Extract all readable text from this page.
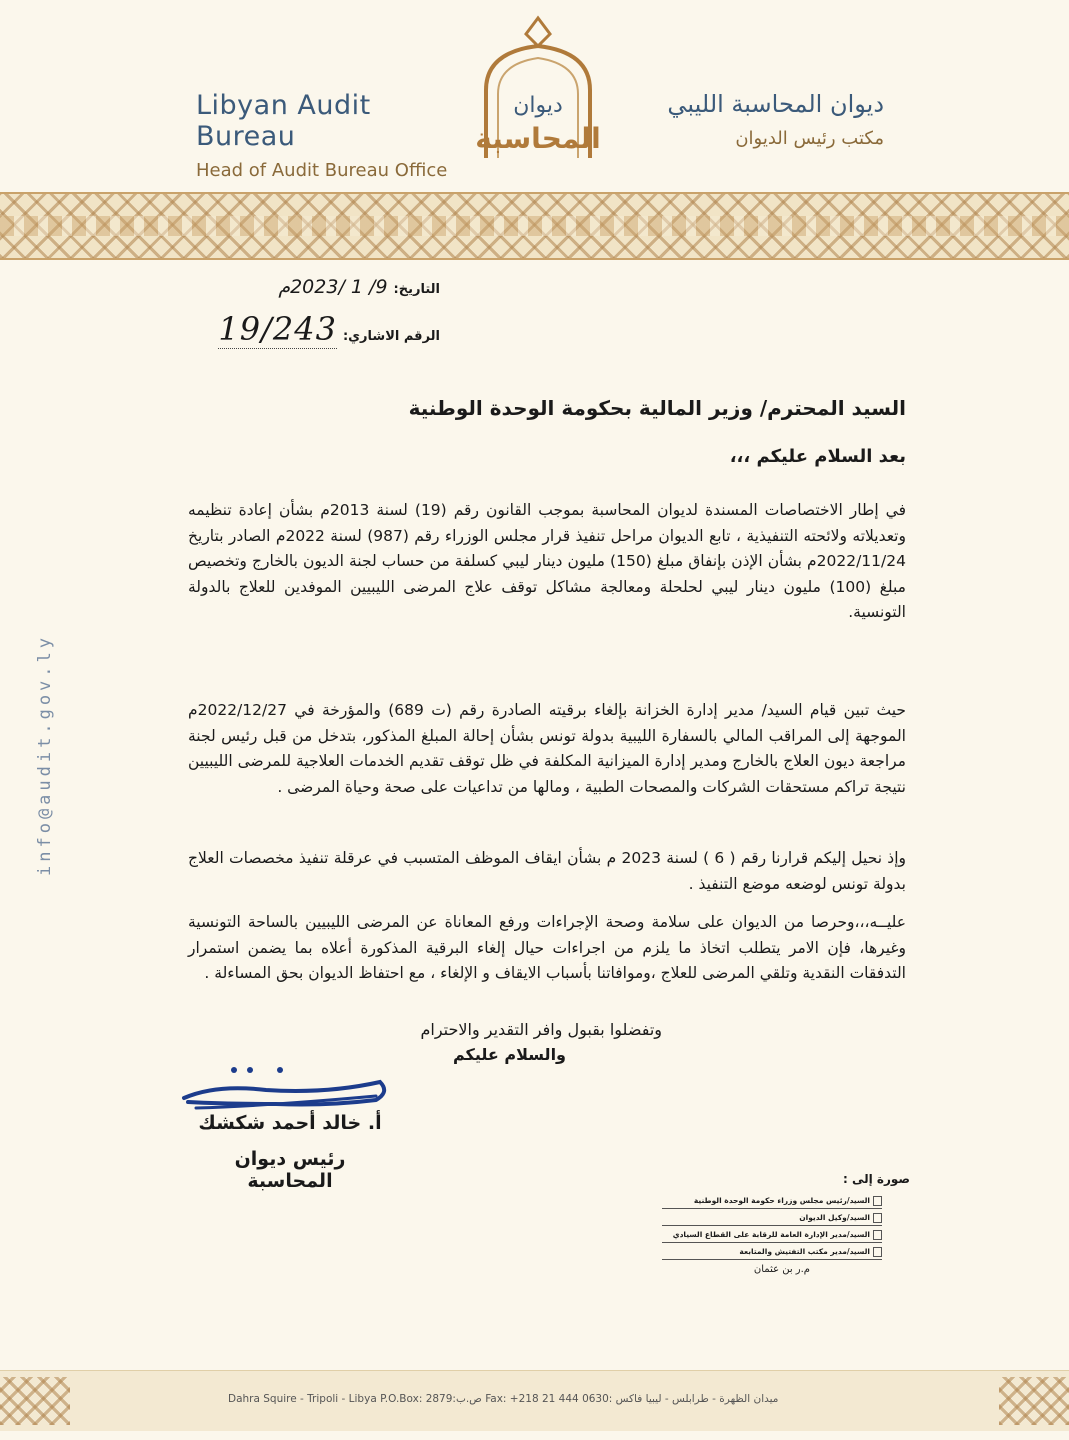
Libyan Audit Bureau
Head of Audit Bureau Office
ديوان
المحاسبة
ديوان المحاسبة الليبي
مكتب رئيس الديوان
info@audit.gov.ly
التاريخ:
9/ 1 /2023م
الرقم الاشاري:
19/243
السيد المحترم/ وزير المالية بحكومة الوحدة الوطنية
بعد السلام عليكم ،،،
في إطار الاختصاصات المسندة لديوان المحاسبة بموجب القانون رقم (19) لسنة 2013م بشأن إعادة تنظيمه وتعديلاته ولائحته التنفيذية ، تابع الديوان مراحل تنفيذ قرار مجلس الوزراء رقم (987) لسنة 2022م الصادر بتاريخ 2022/11/24م بشأن الإذن بإنفاق مبلغ (150) مليون دينار ليبي كسلفة من حساب لجنة الديون بالخارج وتخصيص مبلغ (100) مليون دينار ليبي لحلحلة ومعالجة مشاكل توقف علاج المرضى الليبيين الموفدين للعلاج بالدولة التونسية.
حيث تبين قيام السيد/ مدير إدارة الخزانة بإلغاء برقيته الصادرة رقم (ت 689) والمؤرخة في 2022/12/27م الموجهة إلى المراقب المالي بالسفارة الليبية بدولة تونس بشأن إحالة المبلغ المذكور، بتدخل من قبل رئيس لجنة مراجعة ديون العلاج بالخارج ومدير إدارة الميزانية المكلفة في ظل توقف تقديم الخدمات العلاجية للمرضى الليبيين نتيجة تراكم مستحقات الشركات والمصحات الطبية ، ومالها من تداعيات على صحة وحياة المرضى .
وإذ نحيل إليكم قرارنا رقم ( 6 ) لسنة 2023 م بشأن ايقاف الموظف المتسبب في عرقلة تنفيذ مخصصات العلاج بدولة تونس لوضعه موضع التنفيذ .
عليــه،،،وحرصا من الديوان على سلامة وصحة الإجراءات ورفع المعاناة عن المرضى الليبيين بالساحة التونسية وغيرها، فإن الامر يتطلب اتخاذ ما يلزم من اجراءات حيال إلغاء البرقية المذكورة أعلاه بما يضمن استمرار التدفقات النقدية وتلقي المرضى للعلاج ،وموافاتنا بأسباب الايقاف و الإلغاء ، مع احتفاظ الديوان بحق المساءلة .
وتفضلوا بقبول وافر التقدير والاحترام
والسلام عليكم
أ. خالد أحمد شكشك
رئيس ديوان المحاسبة	صورة إلى :
السيد/رئيس مجلس وزراء حكومة الوحدة الوطنية
السيد/وكيل الديوان
السيد/مدير الإدارة العامة للرقابة على القطاع السيادي
السيد/مدير مكتب التفتيش والمتابعة
م.ر بن عثمان
Dahra Squire - Tripoli - Libya P.O.Box: 2879:ص.ب Fax: +218 21 444 0630: ميدان الظهرة - طرابلس - ليبيا فاكس
